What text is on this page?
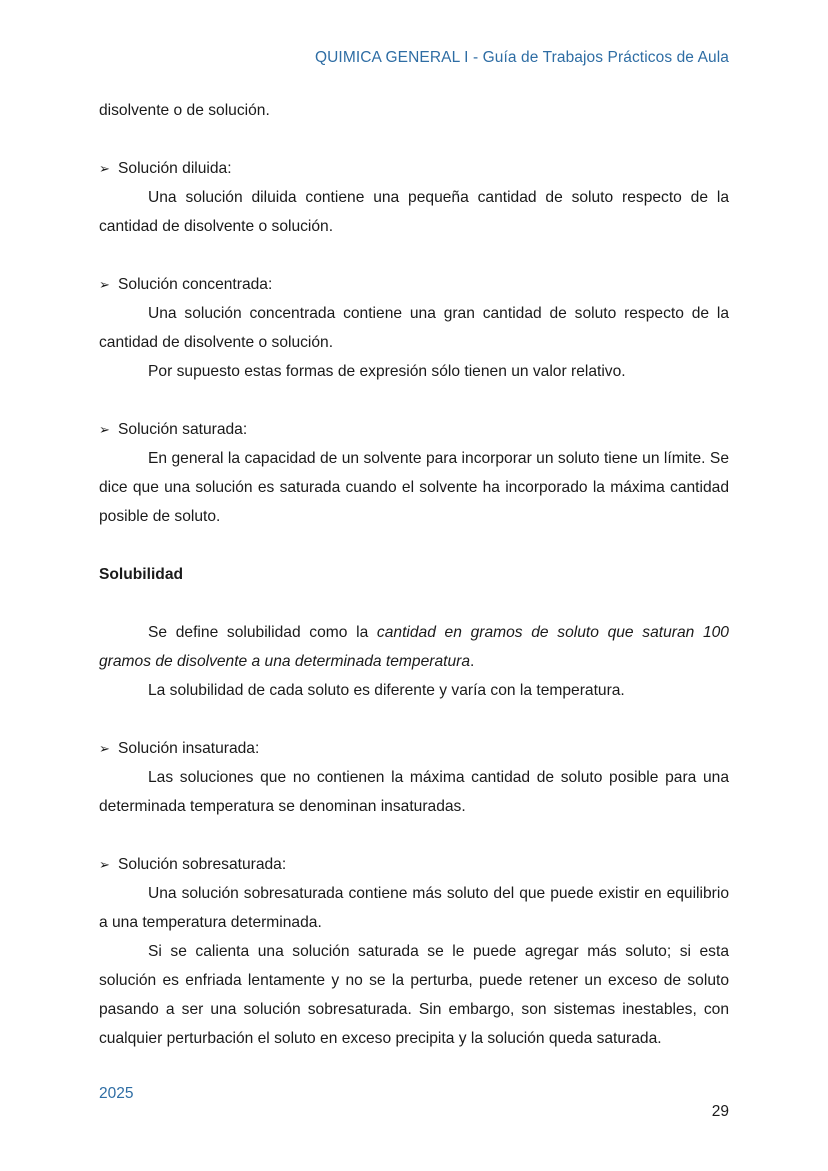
QUIMICA GENERAL I - Guía de Trabajos Prácticos de Aula

disolvente o de solución.

➢ Solución diluida:

Una solución diluida contiene una pequeña cantidad de soluto respecto de la cantidad de disolvente o solución.

➢ Solución concentrada:

Una solución concentrada contiene una gran cantidad de soluto respecto de la cantidad de disolvente o solución.

Por supuesto estas formas de expresión sólo tienen un valor relativo.

➢ Solución saturada:

En general la capacidad de un solvente para incorporar un soluto tiene un límite. Se dice que una solución es saturada cuando el solvente ha incorporado la máxima cantidad posible de soluto.

Solubilidad

Se define solubilidad como la cantidad en gramos de soluto que saturan 100 gramos de disolvente a una determinada temperatura.

La solubilidad de cada soluto es diferente y varía con la temperatura.

➢ Solución insaturada:

Las soluciones que no contienen la máxima cantidad de soluto posible para una determinada temperatura se denominan insaturadas.

➢ Solución sobresaturada:

Una solución sobresaturada contiene más soluto del que puede existir en equilibrio a una temperatura determinada.

Si se calienta una solución saturada se le puede agregar más soluto; si esta solución es enfriada lentamente y no se la perturba, puede retener un exceso de soluto pasando a ser una solución sobresaturada. Sin embargo, son sistemas inestables, con cualquier perturbación el soluto en exceso precipita y la solución queda saturada.

2025
29
